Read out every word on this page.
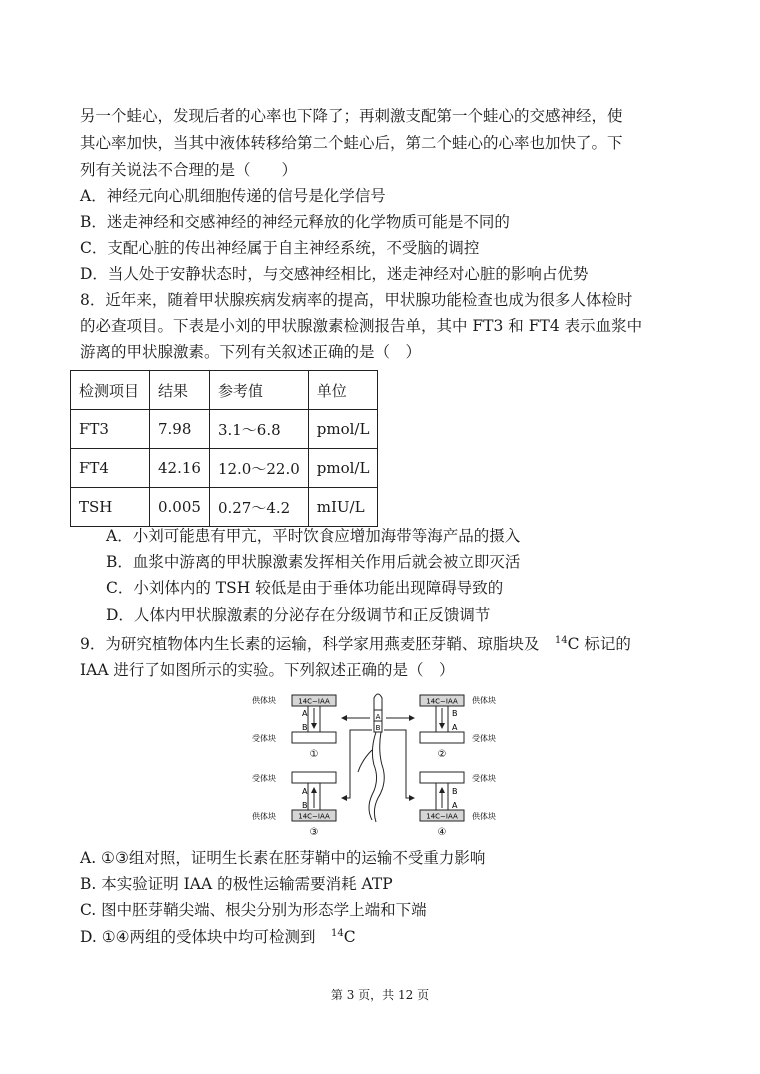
另一个蛙心，发现后者的心率也下降了；再刺激支配第一个蛙心的交感神经，使
其心率加快，当其中液体转移给第二个蛙心后，第二个蛙心的心率也加快了。下
列有关说法不合理的是（　　）
A．神经元向心肌细胞传递的信号是化学信号
B．迷走神经和交感神经的神经元释放的化学物质可能是不同的
C．支配心脏的传出神经属于自主神经系统，不受脑的调控
D．当人处于安静状态时，与交感神经相比，迷走神经对心脏的影响占优势
8．近年来，随着甲状腺疾病发病率的提高，甲状腺功能检查也成为很多人体检时
的必查项目。下表是小刘的甲状腺激素检测报告单，其中 FT3 和 FT4 表示血浆中
游离的甲状腺激素。下列有关叙述正确的是（　）
检测项目	结果	参考值	单位
FT3	7.98	3.1～6.8	pmol/L
FT4	42.16	12.0～22.0	pmol/L
TSH	0.005	0.27～4.2	mIU/L
A．小刘可能患有甲亢，平时饮食应增加海带等海产品的摄入
B．血浆中游离的甲状腺激素发挥相关作用后就会被立即灭活
C．小刘体内的 TSH 较低是由于垂体功能出现障碍导致的
D．人体内甲状腺激素的分泌存在分级调节和正反馈调节
9．为研究植物体内生长素的运输，科学家用燕麦胚芽鞘、琼脂块及　$^{14}$C 标记的
IAA 进行了如图所示的实验。下列叙述正确的是（　）
14C−IAA
A
B
供体块
受体块
①
14C−IAA
B
A
供体块
受体块
②
A
B
14C−IAA
受体块
供体块
③
B
A
14C−IAA
受体块
供体块
④
A
B
A. ①③组对照，证明生长素在胚芽鞘中的运输不受重力影响
B. 本实验证明 IAA 的极性运输需要消耗 ATP
C. 图中胚芽鞘尖端、根尖分别为形态学上端和下端
D. ①④两组的受体块中均可检测到　$^{14}$C
第 3 页，共 12 页
